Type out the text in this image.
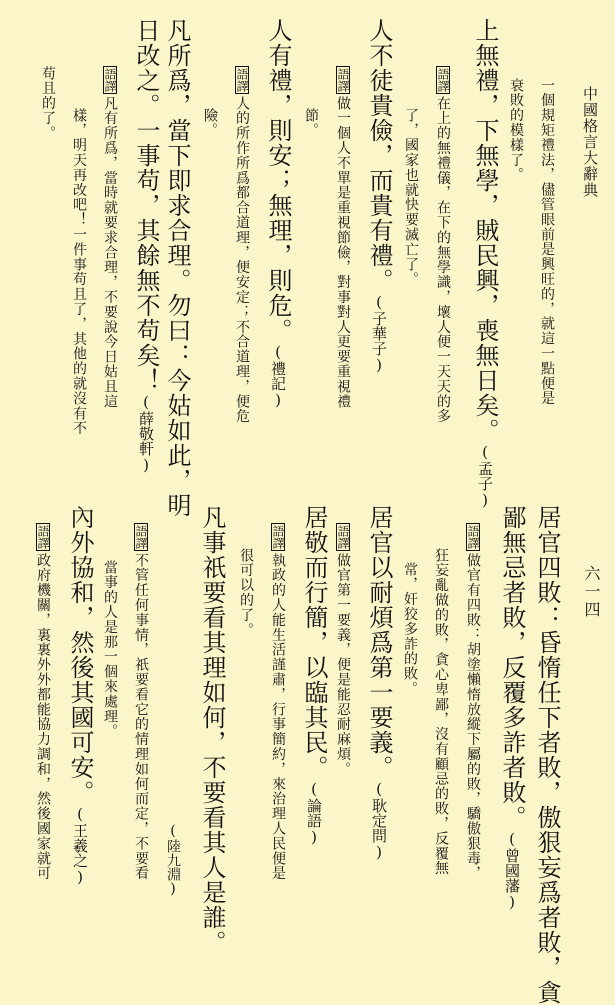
中國格言大辭典
六一四
一個規矩禮法，儘管眼前是興旺的，就這一點便是
衰敗的模樣了。
上無禮，下無學，賊民興，喪無日矣。(孟子)
語譯在上的無禮儀，在下的無學識，壞人便一天天的多
了，國家也就快要滅亡了。
人不徒貴儉，而貴有禮。(子華子)
語譯做一個人不單是重視節儉，對事對人更要重視禮
節。
人有禮，則安；無理，則危。(禮記)
語譯人的所作所爲都合道理，便安定；不合道理，便危
險。
凡所爲，當下即求合理。勿曰：今姑如此，明
日改之。一事苟，其餘無不苟矣！(薛敬軒)
語譯凡有所爲，當時就要求合理，不要說今日姑且這
樣，明天再改吧！一件事苟且了，其他的就沒有不
苟且的了。
居官四敗：昏惰任下者敗，傲狠妄爲者敗，貪
鄙無忌者敗，反覆多詐者敗。(曾國藩)
語譯做官有四敗：胡塗懶惰放縱下屬的敗，驕傲狠毒，
狂妄亂做的敗，貪心卑鄙，沒有顧忌的敗，反覆無
常，奸狡多詐的敗。
居官以耐煩爲第一要義。(耿定問)
語譯做官第一要義，便是能忍耐麻煩。
居敬而行簡，以臨其民。(論語)
語譯執政的人能生活謹肅，行事簡約，來治理人民便是
很可以的了。
凡事祇要看其理如何，不要看其人是誰。
(陸九淵)
語譯不管任何事情，祇要看它的情理如何而定，不要看
當事的人是那一個來處理。
內外協和，然後其國可安。(王羲之)
語譯政府機關，裏裏外外都能協力調和，然後國家就可
